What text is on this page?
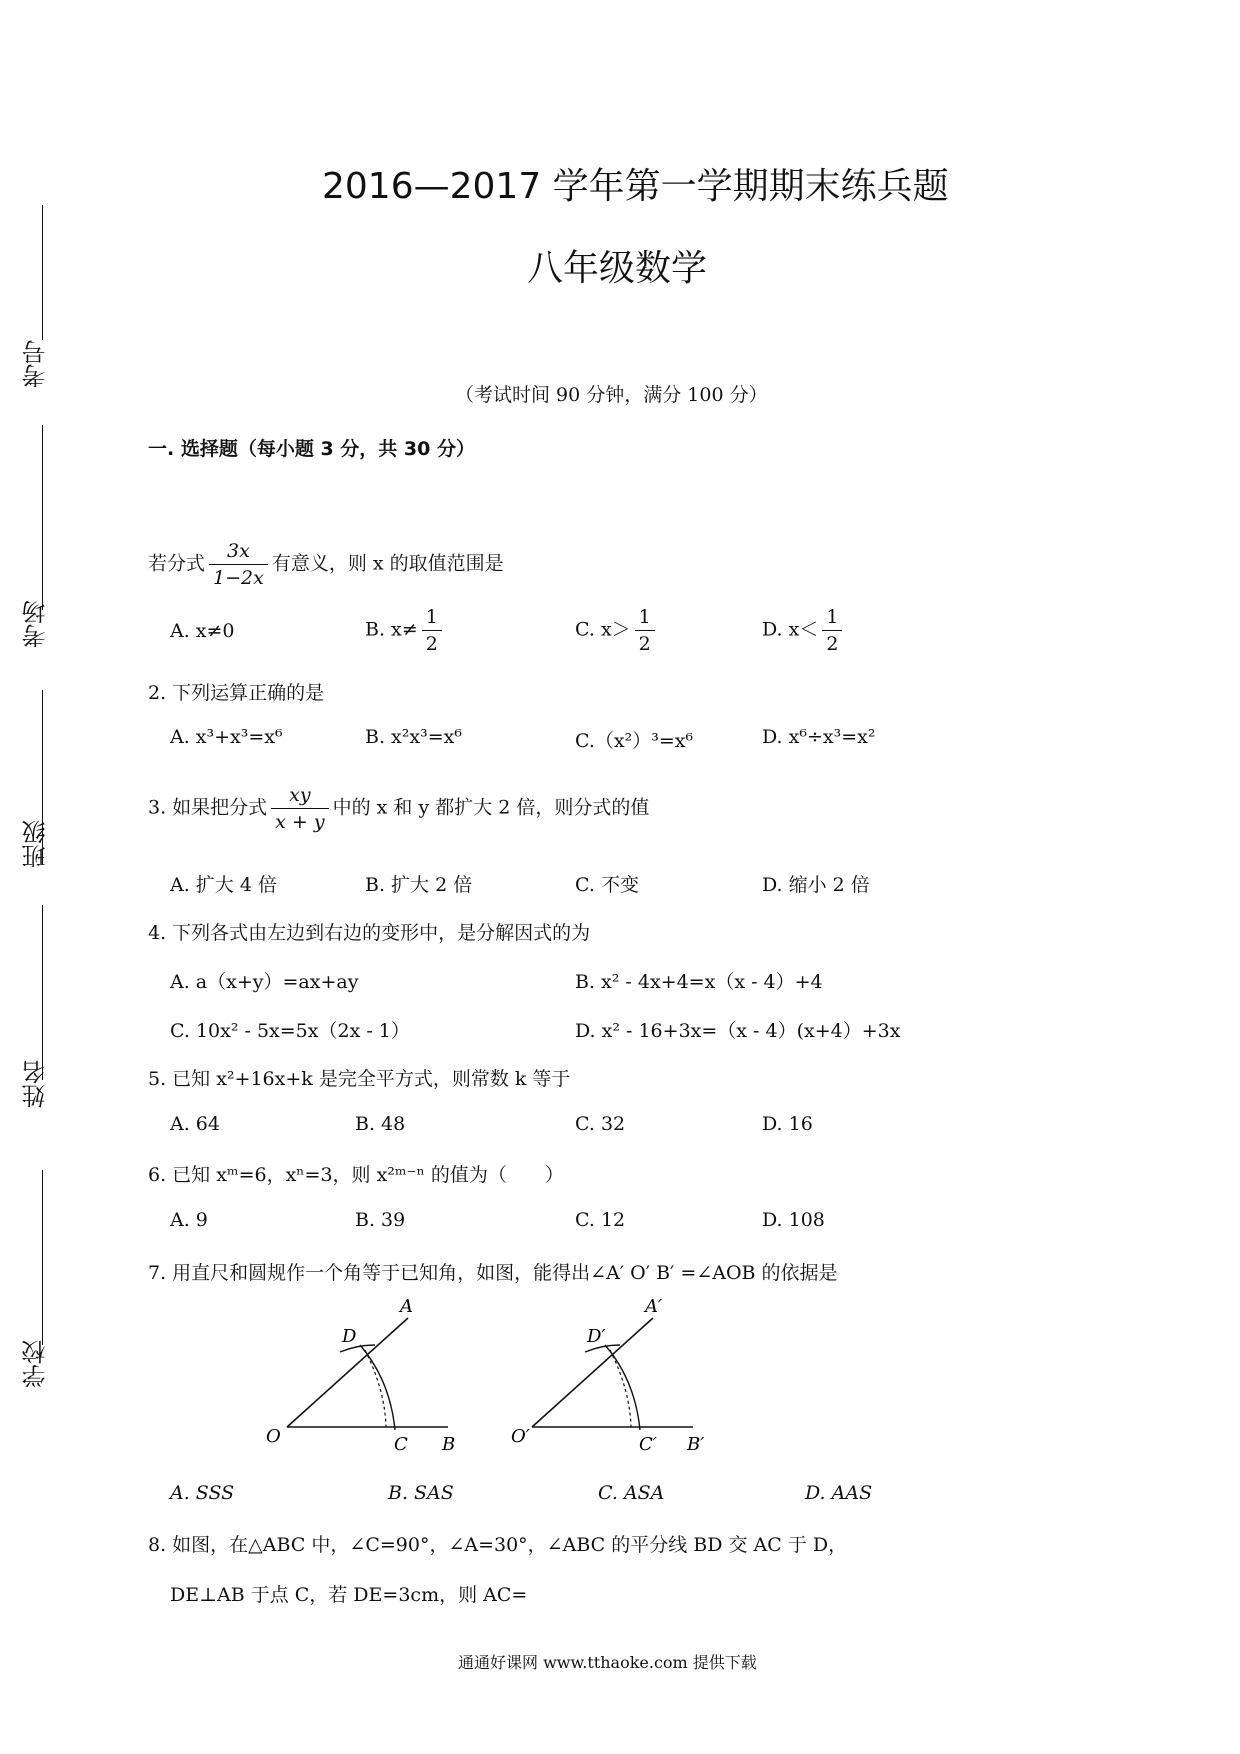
考号
考场
班级
姓名
学校
2016—2017 学年第一学期期末练兵题
八年级数学
（考试时间 90 分钟，满分 100 分）
一. 选择题（每小题 3 分，共 30 分）
若分式 $\frac{3x}{1-2x}$ 有意义，则 x 的取值范围是
A. x≠0	B. $x\ne \frac{1}{2}$	C. $x> \frac{1}{2}$	D. $x< \frac{1}{2}$
2. 下列运算正确的是
A. x³+x³=x⁶	B. x²x³=x⁶	C.（x²）³=x⁶	D. x⁶÷x³=x²
3. 如果把分式 $\frac{xy}{x + y}$ 中的 x 和 y 都扩大 2 倍，则分式的值
A. 扩大 4 倍	B. 扩大 2 倍	C. 不变	D. 缩小 2 倍
4. 下列各式由左边到右边的变形中，是分解因式的为
A. a（x+y）=ax+ay	B. x² - 4x+4=x（x - 4）+4
C. 10x² - 5x=5x（2x - 1）	D. x² - 16+3x=（x - 4）(x+4）+3x
5. 已知 x²+16x+k 是完全平方式，则常数 k 等于
A. 64	B. 48	C. 32	D. 16
6. 已知 xᵐ=6，xⁿ=3，则 x²ᵐ⁻ⁿ 的值为（　　）
A. 9	B. 39	C. 12	D. 108
7. 用直尺和圆规作一个角等于已知角，如图，能得出∠A′ O′ B′ =∠AOB 的依据是
A
D
O	C B
A′
D′
O′	C′ B′
A. SSS	B. SAS	C. ASA	D. AAS
8. 如图，在△ABC 中，∠C=90°，∠A=30°，∠ABC 的平分线 BD 交 AC 于 D，
DE⊥AB 于点 C，若 DE=3cm，则 AC=
通通好课网 www.tthaoke.com 提供下载
